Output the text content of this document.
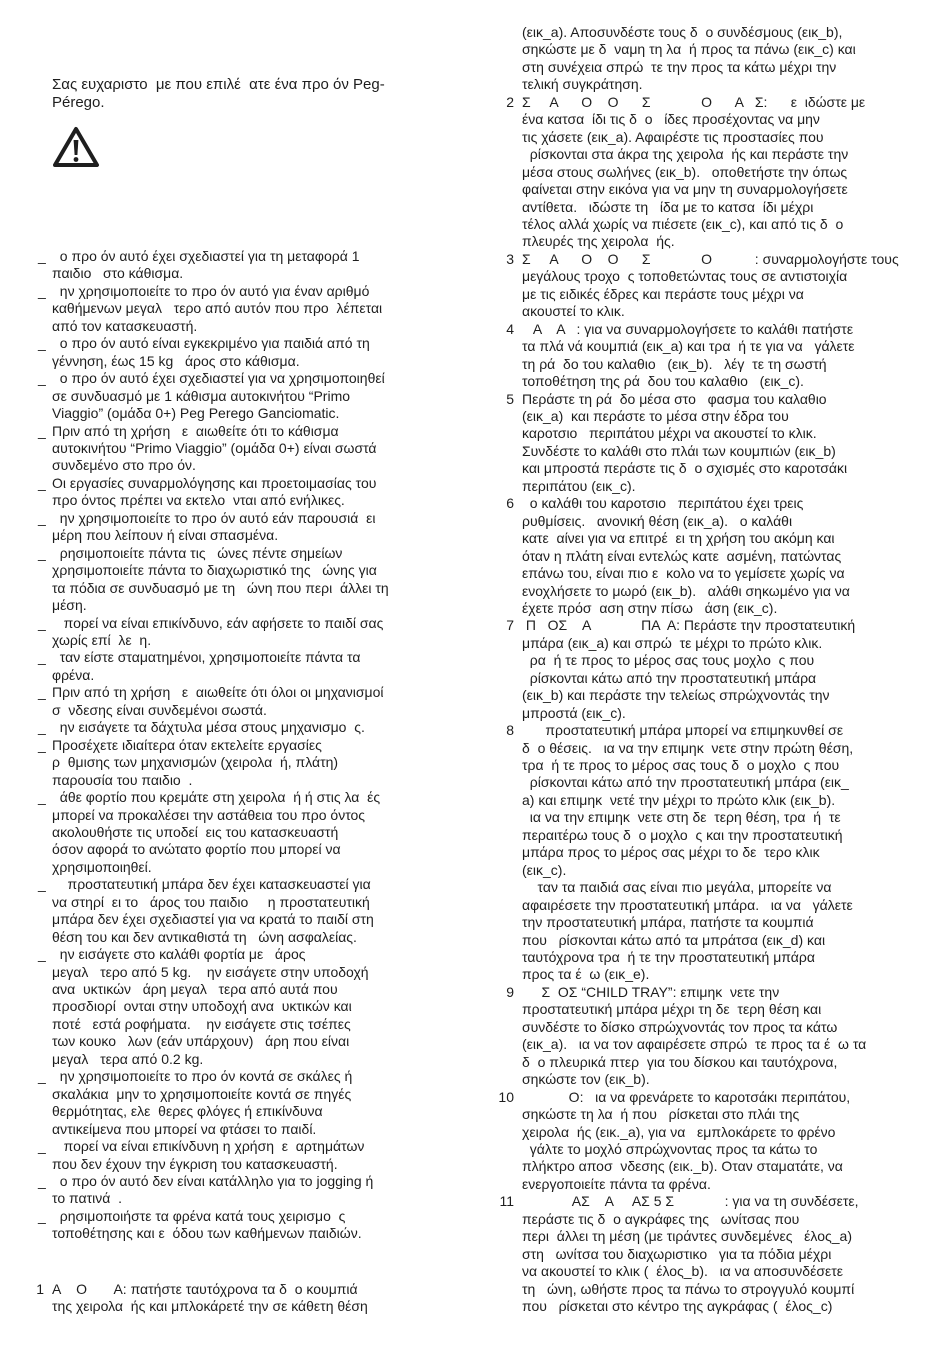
Σας ευχαριστο  με που επιλέ  ατε ένα προ όν Peg-
Pérego.
_ ο προ όν αυτό έχει σχεδιαστεί για τη μεταφορά 1
παιδιο   στο κάθισμα.
_ ην χρησιμοποιείτε το προ όν αυτό για έναν αριθμό
καθήμενων μεγαλ   τερο από αυτόν που προ  λέπεται
από τον κατασκευαστή.
_ ο προ όν αυτό είναι εγκεκριμένο για παιδιά από τη
γέννηση, έως 15 kg   άρος στο κάθισμα.
_ ο προ όν αυτό έχει σχεδιαστεί για να χρησιμοποιηθεί
σε συνδυασμό με 1 κάθισμα αυτοκινήτου “Primo
Viaggio” (ομάδα 0+) Peg Perego Ganciomatic.
_ Πριν από τη χρήση   ε  αιωθείτε ότι το κάθισμα
αυτοκινήτου “Primo Viaggio” (ομάδα 0+) είναι σωστά
συνδεμένο στο προ όν.
_ Οι εργασίες συναρμολόγησης και προετοιμασίας του
προ όντος πρέπει να εκτελο  νται από ενήλικες.
_ ην χρησιμοποιείτε το προ όν αυτό εάν παρουσιά  ει
μέρη που λείπουν ή είναι σπασμένα.
_ ρησιμοποιείτε πάντα τις   ώνες πέντε σημείων
χρησιμοποιείτε πάντα το διαχωριστικό της   ώνης για
τα πόδια σε συνδυασμό με τη   ώνη που περι  άλλει τη
μέση.
_ πορεί να είναι επικίνδυνο, εάν αφήσετε το παιδί σας
χωρίς επί  λε  η.
_ ταν είστε σταματημένοι, χρησιμοποιείτε πάντα τα
φρένα.
_ Πριν από τη χρήση   ε  αιωθείτε ότι όλοι οι μηχανισμοί
σ  νδεσης είναι συνδεμένοι σωστά.
_ ην εισάγετε τα δάχτυλα μέσα στους μηχανισμο  ς.
_ Προσέχετε ιδιαίτερα όταν εκτελείτε εργασίες
ρ  θμισης των μηχανισμών (χειρολα  ή, πλάτη)
παρουσία του παιδιο  .
_ άθε φορτίο που κρεμάτε στη χειρολα  ή ή στις λα  ές
μπορεί να προκαλέσει την αστάθεια του προ όντος
ακολουθήστε τις υποδεί  εις του κατασκευαστή
όσον αφορά το ανώτατο φορτίο που μπορεί να
χρησιμοποιηθεί.
_ προστατευτική μπάρα δεν έχει κατασκευαστεί για
να στηρί  ει το   άρος του παιδιο     η προστατευτική
μπάρα δεν έχει σχεδιαστεί για να κρατά το παιδί στη
θέση του και δεν αντικαθιστά τη   ώνη ασφαλείας.
_ ην εισάγετε στο καλάθι φορτία με   άρος
μεγαλ   τερο από 5 kg.    ην εισάγετε στην υποδοχή
ανα  υκτικών   άρη μεγαλ   τερα από αυτά που
προσδιορί  ονται στην υποδοχή ανα  υκτικών και
ποτέ   εστά ροφήματα.    ην εισάγετε στις τσέπες
των κουκο   λων (εάν υπάρχουν)   άρη που είναι
μεγαλ   τερα από 0.2 kg.
_ ην χρησιμοποιείτε το προ όν κοντά σε σκάλες ή
σκαλάκια  μην το χρησιμοποιείτε κοντά σε πηγές
θερμότητας, ελε  θερες φλόγες ή επικίνδυνα
αντικείμενα που μπορεί να φτάσει το παιδί.
_ πορεί να είναι επικίνδυνη η χρήση  ε  αρτημάτων
που δεν έχουν την έγκριση του κατασκευαστή.
_ ο προ όν αυτό δεν είναι κατάλληλο για το jogging ή
το πατινά  .
_ ρησιμοποιήστε τα φρένα κατά τους χειρισμο  ς
τοποθέτησης και ε  όδου των καθήμενων παιδιών.
1 Α    Ο       Α: πατήστε ταυτόχρονα τα δ  ο κουμπιά
της χειρολα  ής και μπλοκάρετέ την σε κάθετη θέση
(εικ_a). Αποσυνδέστε τους δ  ο συνδέσμους (εικ_b),
σηκώστε με δ  ναμη τη λα  ή προς τα πάνω (εικ_c) και
στη συνέχεια σπρώ  τε την προς τα κάτω μέχρι την
τελική συγκράτηση.
2 Σ     Α      Ο    Ο      Σ             Ο      Α   Σ:      ε  ιδώστε με
ένα κατσα  ίδι τις δ  ο   ίδες προσέχοντας να μην
τις χάσετε (εικ_a). Αφαιρέστε τις προστασίες που
ρίσκονται στα άκρα της χειρολα  ής και περάστε την
μέσα στους σωλήνες (εικ_b).   οποθετήστε την όπως
φαίνεται στην εικόνα για να μην τη συναρμολογήσετε
αντίθετα.   ιδώστε τη   ίδα με το κατσα  ίδι μέχρι
τέλος αλλά χωρίς να πιέσετε (εικ_c), και από τις δ  ο
πλευρές της χειρολα  ής.
3 Σ     Α      Ο    Ο      Σ             Ο           : συναρμολογήστε τους
μεγάλους τροχο  ς τοποθετώντας τους σε αντιστοιχία
με τις ειδικές έδρες και περάστε τους μέχρι να
ακουστεί το κλικ.
4 Α    Α   : για να συναρμολογήσετε το καλάθι πατήστε
τα πλά νά κουμπιά (εικ_a) και τρα  ή τε για να   γάλετε
τη ρά  δο του καλαθιο   (εικ_b).   λέγ  τε τη σωστή
τοποθέτηση της ρά  δου του καλαθιο   (εικ_c).
5 Περάστε τη ρά  δο μέσα στο   φασμα του καλαθιο
(εικ_a)  και περάστε το μέσα στην έδρα του
καροτσιο   περιπάτου μέχρι να ακουστεί το κλικ.
Συνδέστε το καλάθι στο πλάι των κουμπιών (εικ_b)
και μπροστά περάστε τις δ  ο σχισμές στο καροτσάκι
περιπάτου (εικ_c).
6 ο καλάθι του καροτσιο   περιπάτου έχει τρεις
ρυθμίσεις.   ανονική θέση (εικ_a).   ο καλάθι
κατε  αίνει για να επιτρέ  ει τη χρήση του ακόμη και
όταν η πλάτη είναι εντελώς κατε  ασμένη, πατώντας
επάνω του, είναι πιο ε  κολο να το γεμίσετε χωρίς να
ενοχλήσετε το μωρό (εικ_b).   αλάθι σηκωμένο για να
έχετε πρόσ  αση στην πίσω   άση (εικ_c).
7 Π   ΟΣ    Α             ΠΑ  Α: Περάστε την προστατευτική
μπάρα (εικ_a) και σπρώ  τε μέχρι το πρώτο κλικ.
ρα  ή τε προς το μέρος σας τους μοχλο  ς που
ρίσκονται κάτω από την προστατευτική μπάρα
(εικ_b) και περάστε την τελείως σπρώχνοντάς την
μπροστά (εικ_c).
8 προστατευτική μπάρα μπορεί να επιμηκυνθεί σε
δ  ο θέσεις.   ια να την επιμηκ  νετε στην πρώτη θέση,
τρα  ή τε προς το μέρος σας τους δ  ο μοχλο  ς που
ρίσκονται κάτω από την προστατευτική μπάρα (εικ_
a) και επιμηκ  νετέ την μέχρι το πρώτο κλικ (εικ_b).
ια να την επιμηκ  νετε στη δε  τερη θέση, τρα  ή  τε
περαιτέρω τους δ  ο μοχλο  ς και την προστατευτική
μπάρα προς το μέρος σας μέχρι το δε  τερο κλικ
(εικ_c).
ταν τα παιδιά σας είναι πιο μεγάλα, μπορείτε να
αφαιρέσετε την προστατευτική μπάρα.   ια να   γάλετε
την προστατευτική μπάρα, πατήστε τα κουμπιά
που   ρίσκονται κάτω από τα μπράτσα (εικ_d) και
ταυτόχρονα τρα  ή τε την προστατευτική μπάρα
προς τα έ  ω (εικ_e).
9 Σ  ΟΣ “CHILD TRAY”: επιμηκ  νετε την
προστατευτική μπάρα μέχρι τη δε  τερη θέση και
συνδέστε το δίσκο σπρώχνοντάς τον προς τα κάτω
(εικ_a).   ια να τον αφαιρέσετε σπρώ  τε προς τα έ  ω τα
δ  ο πλευρικά πτερ  για του δίσκου και ταυτόχρονα,
σηκώστε τον (εικ_b).
10 Ο:   ια να φρενάρετε το καροτσάκι περιπάτου,
σηκώστε τη λα  ή που   ρίσκεται στο πλάι της
χειρολα  ής (εικ._a), για να   εμπλοκάρετε το φρένο
γάλτε το μοχλό σπρώχνοντας προς τα κάτω το
πλήκτρο αποσ  νδεσης (εικ._b). Οταν σταματάτε, να
ενεργοποιείτε πάντα τα φρένα.
11 ΑΣ    Α     ΑΣ 5 Σ             : για να τη συνδέσετε,
περάστε τις δ  ο αγκράφες της   ωνίτσας που
περι  άλλει τη μέση (με τιράντες συνδεμένες   έλος_a)
στη   ωνίτσα του διαχωριστικο   για τα πόδια μέχρι
να ακουστεί το κλικ (  έλος_b).   ια να αποσυνδέσετε
τη   ώνη, ωθήστε προς τα πάνω το στρογγυλό κουμπί
που   ρίσκεται στο κέντρο της αγκράφας (  έλος_c)
